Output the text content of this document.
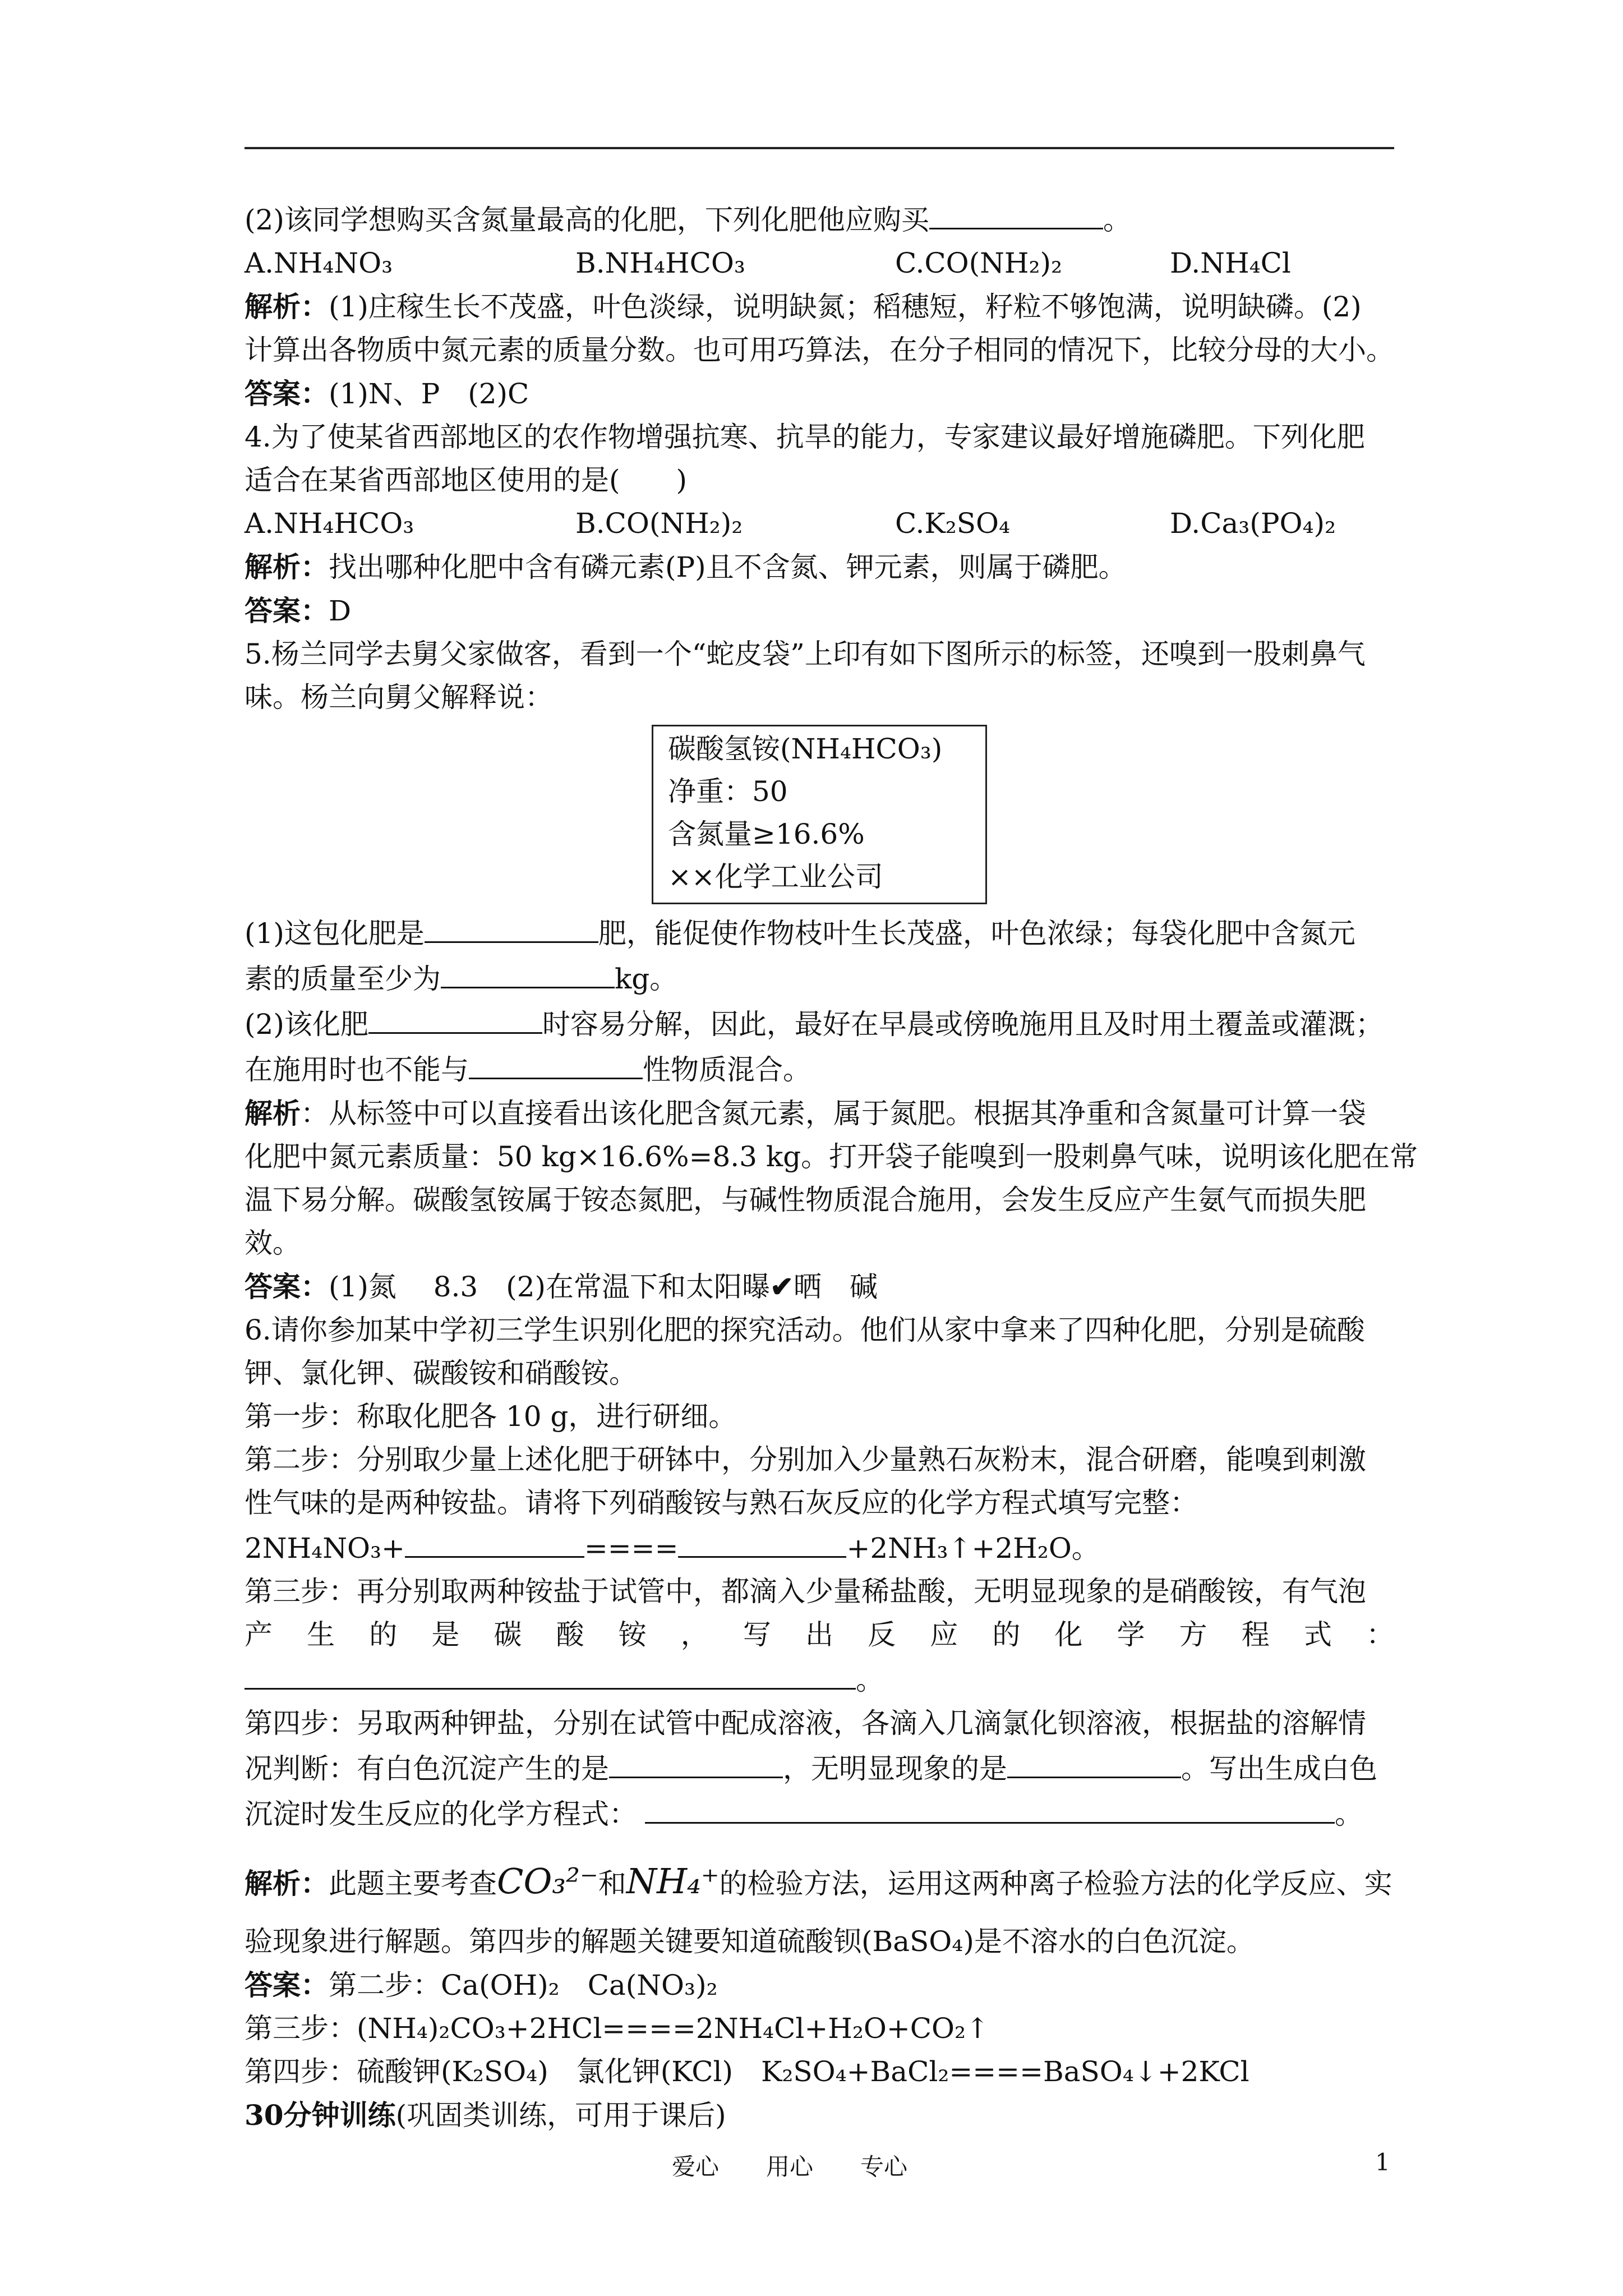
(2)该同学想购买含氮量最高的化肥，下列化肥他应购买	。
A.NH₄NO₃	B.NH₄HCO₃	C.CO(NH₂)₂	D.NH₄Cl
解析：(1)庄稼生长不茂盛，叶色淡绿，说明缺氮；稻穗短，籽粒不够饱满，说明缺磷。(2)
计算出各物质中氮元素的质量分数。也可用巧算法，在分子相同的情况下，比较分母的大小。
答案：(1)N、P　(2)C
4.为了使某省西部地区的农作物增强抗寒、抗旱的能力，专家建议最好增施磷肥。下列化肥
适合在某省西部地区使用的是(　　)
A.NH₄HCO₃	B.CO(NH₂)₂	C.K₂SO₄	D.Ca₃(PO₄)₂
解析：找出哪种化肥中含有磷元素(P)且不含氮、钾元素，则属于磷肥。
答案：D
5.杨兰同学去舅父家做客，看到一个“蛇皮袋”上印有如下图所示的标签，还嗅到一股刺鼻气
味。杨兰向舅父解释说：
碳酸氢铵(NH₄HCO₃)
净重：50
含氮量≥16.6%
××化学工业公司
(1)这包化肥是	肥，能促使作物枝叶生长茂盛，叶色浓绿；每袋化肥中含氮元
素的质量至少为	kg。
(2)该化肥	时容易分解，因此，最好在早晨或傍晚施用且及时用土覆盖或灌溉；
在施用时也不能与	性物质混合。
解析：从标签中可以直接看出该化肥含氮元素，属于氮肥。根据其净重和含氮量可计算一袋
化肥中氮元素质量：50 kg×16.6%=8.3 kg。打开袋子能嗅到一股刺鼻气味，说明该化肥在常
温下易分解。碳酸氢铵属于铵态氮肥，与碱性物质混合施用，会发生反应产生氨气而损失肥
效。
答案：(1)氮　 8.3　(2)在常温下和太阳曝✔晒　碱
6.请你参加某中学初三学生识别化肥的探究活动。他们从家中拿来了四种化肥，分别是硫酸
钾、氯化钾、碳酸铵和硝酸铵。
第一步：称取化肥各 10 g，进行研细。
第二步：分别取少量上述化肥于研钵中，分别加入少量熟石灰粉末，混合研磨，能嗅到刺激
性气味的是两种铵盐。请将下列硝酸铵与熟石灰反应的化学方程式填写完整：
2NH₄NO₃+	====	+2NH₃↑+2H₂O。
第三步：再分别取两种铵盐于试管中，都滴入少量稀盐酸，无明显现象的是硝酸铵，有气泡
产 生 的 是 碳 酸 铵 ， 写 出 反 应 的 化 学 方 程 式 ：
。
第四步：另取两种钾盐，分别在试管中配成溶液，各滴入几滴氯化钡溶液，根据盐的溶解情
况判断：有白色沉淀产生的是	，无明显现象的是	。写出生成白色
沉淀时发生反应的化学方程式：	。
解析：此题主要考查CO₃²⁻和NH₄⁺的检验方法，运用这两种离子检验方法的化学反应、实
验现象进行解题。第四步的解题关键要知道硫酸钡(BaSO₄)是不溶水的白色沉淀。
答案：第二步：Ca(OH)₂　Ca(NO₃)₂
第三步：(NH₄)₂CO₃+2HCl====2NH₄Cl+H₂O+CO₂↑
第四步：硫酸钾(K₂SO₄)　氯化钾(KCl)　K₂SO₄+BaCl₂====BaSO₄↓+2KCl
30分钟训练(巩固类训练，可用于课后)
爱心　　用心　　专心	1
